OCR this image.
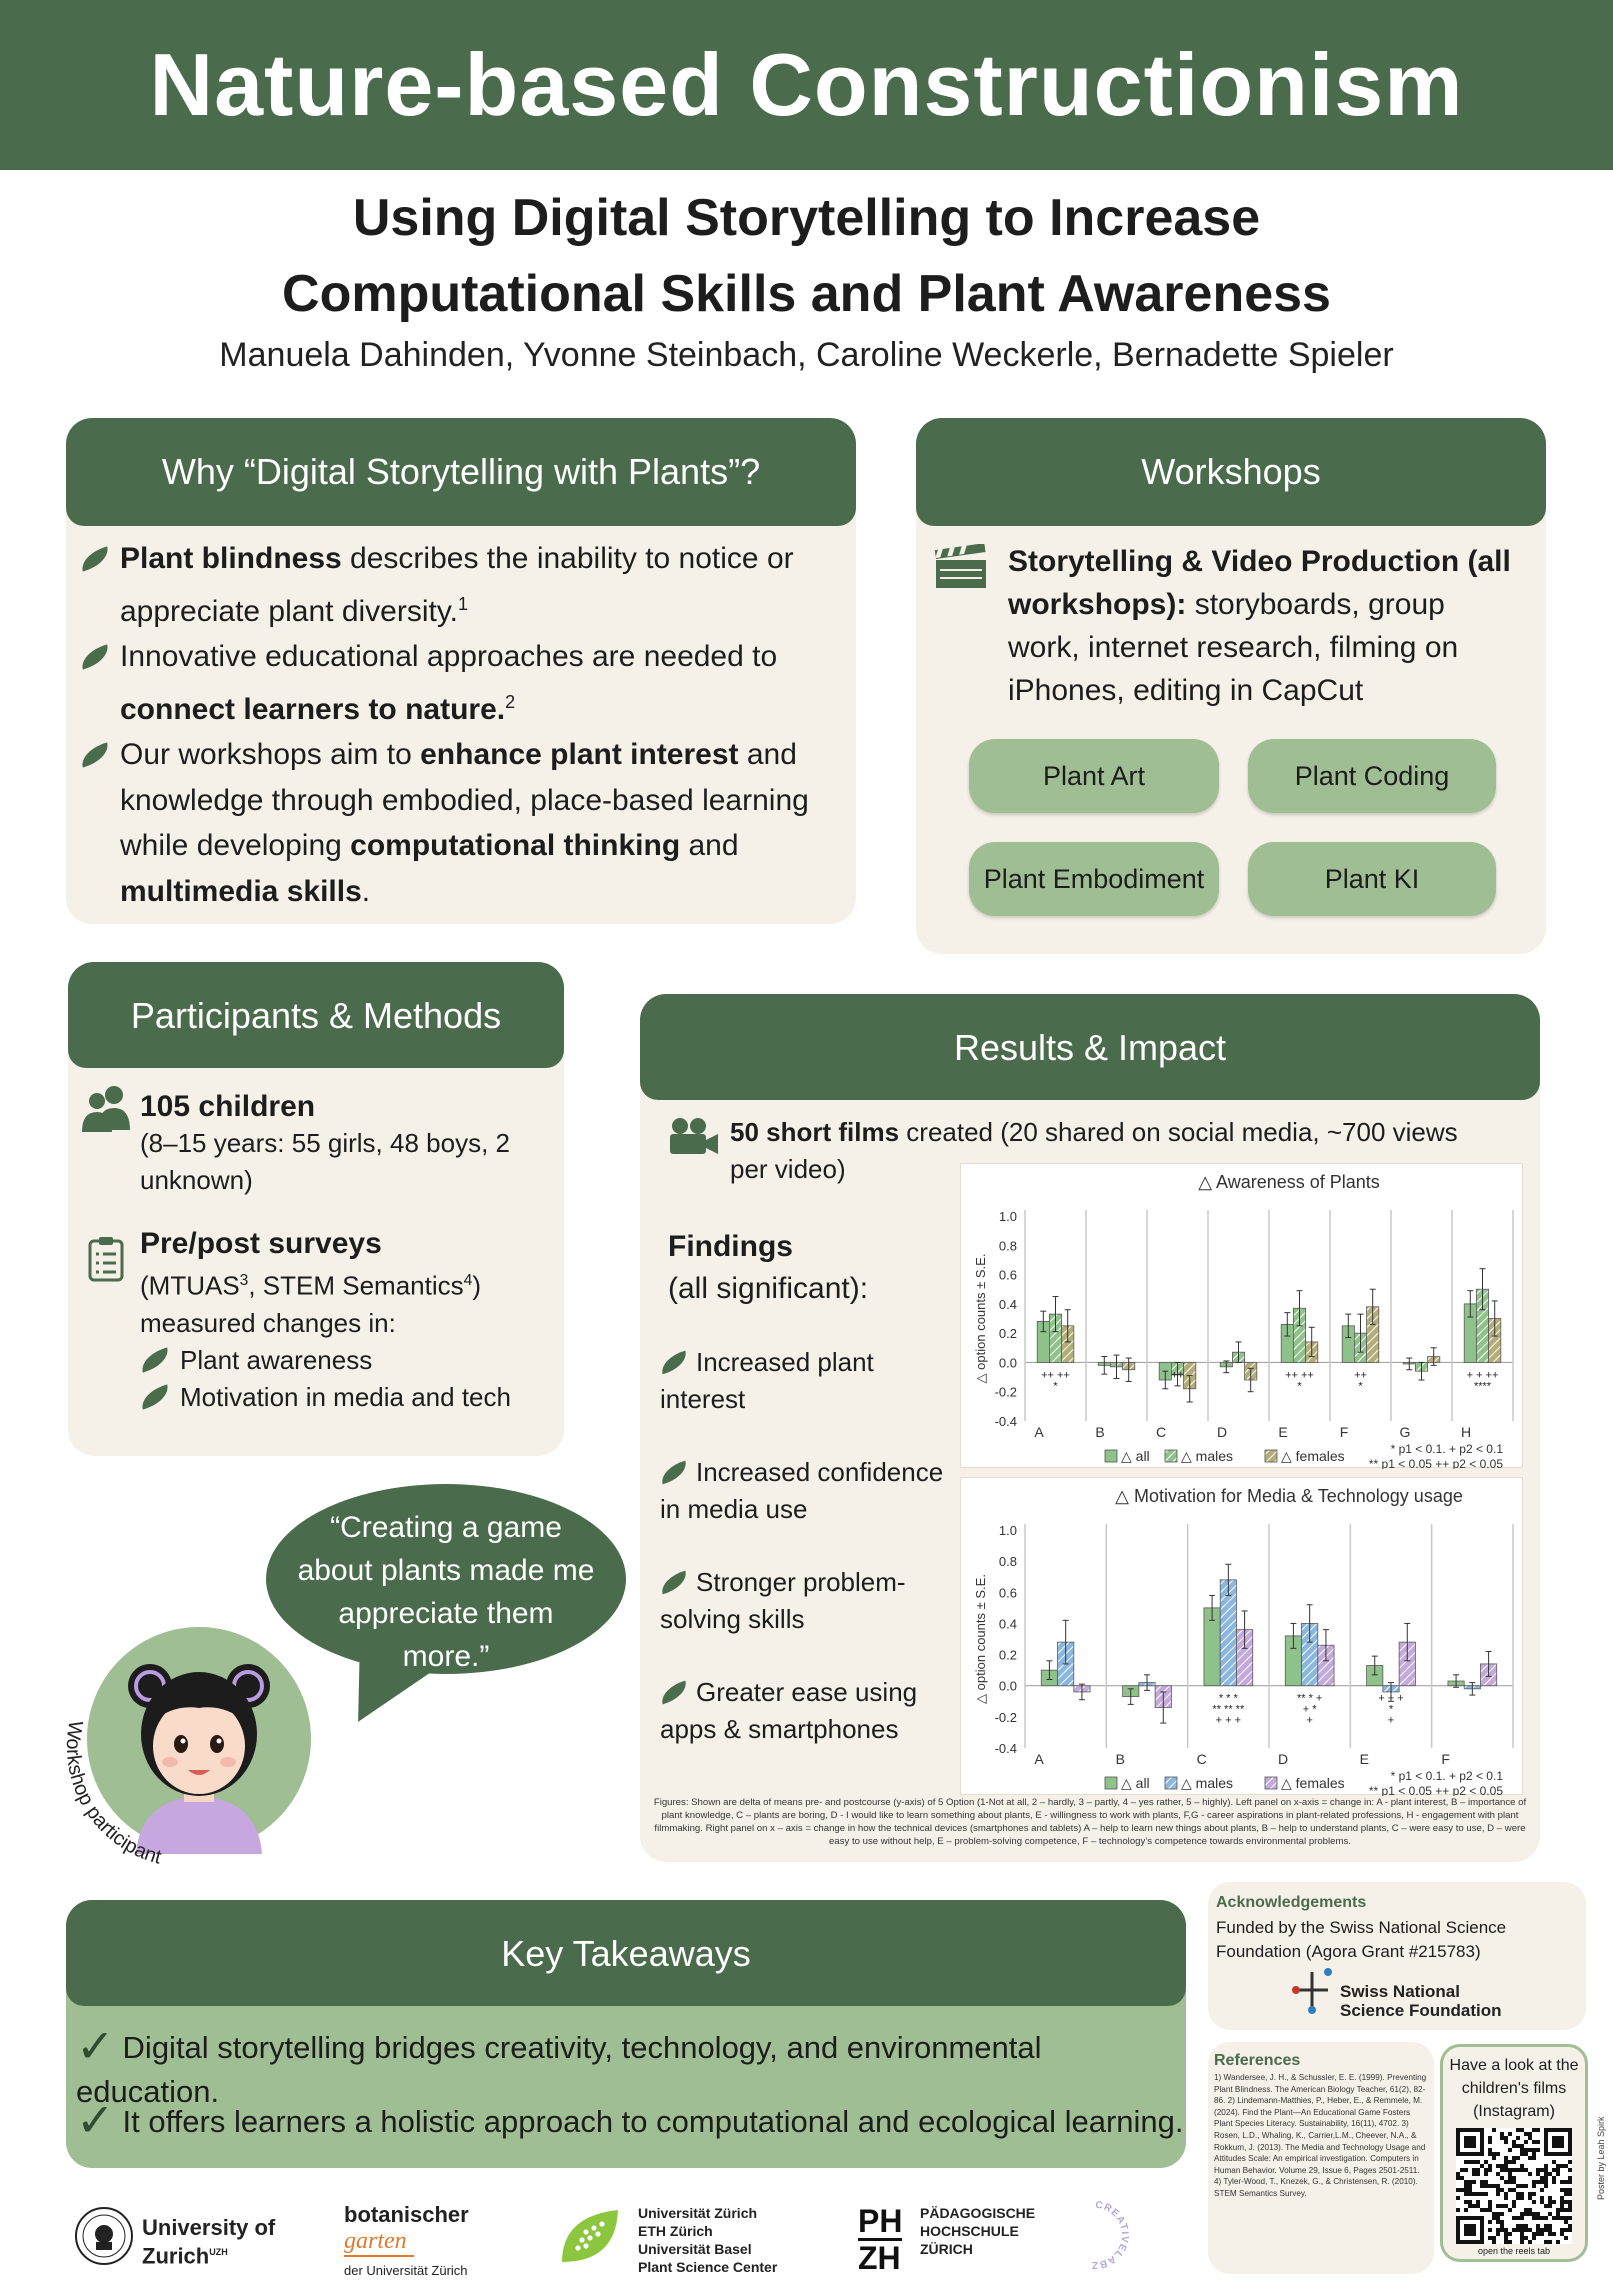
Nature-based Constructionism
Using Digital Storytelling to Increase
Computational Skills and Plant Awareness
Manuela Dahinden, Yvonne Steinbach, Caroline Weckerle, Bernadette Spieler
Why “Digital Storytelling with Plants”?
Plant blindness describes the inability to notice or appreciate plant diversity.$^1$
Innovative educational approaches are needed to connect learners to nature.$^2$
Our workshops aim to enhance plant interest and knowledge through embodied, place-based learning while developing computational thinking and multimedia skills.
Workshops
Storytelling & Video Production (all workshops): storyboards, group work, internet research, filming on iPhones, editing in CapCut
Plant Art	Plant Coding
Plant Embodiment	Plant KI
Participants & Methods
105 children
(8–15 years: 55 girls, 48 boys, 2 unknown)
Pre/post surveys
(MTUAS$^3$, STEM Semantics$^4$)
measured changes in:
Plant awareness
Motivation in media and tech
“Creating a game about plants made me appreciate them more.”
Workshop participant
Results & Impact
50 short films created (20 shared on social media, ~700 views per video)
Findings
(all significant):
Increased plant interest
Increased confidence in media use
Stronger problem-solving skills
Greater ease using apps & smartphones
△ Awareness of Plants
1.0
0.8
0.6
0.4
0.2
0.0
-0.2
-0.4
△ option counts ± S.E.
A
++ ++
*
B	C
++
D	E
++ ++
*
F
++
*
G	H
+ + ++
****
△ all △ males	△ females	* p1 < 0.1. + p2 < 0.1
** p1 < 0.05 ++ p2 < 0.05
△ Motivation for Media & Technology usage
1.0
0.8
0.6
0.4
0.2
0.0
-0.2
-0.4
△ option counts ± S.E.
A	B	C
* * *
** ** **
+ + +
D
** * +
+ *
+
E
+ + +
*
+
F
△ all △ males	△ females	* p1 < 0.1. + p2 < 0.1
** p1 < 0.05 ++ p2 < 0.05
Figures: Shown are delta of means pre- and postcourse (y-axis) of 5 Option (1-Not at all, 2 – hardly, 3 – partly, 4 – yes rather, 5 – highly). Left panel on x-axis = change in: A - plant interest, B – importance of plant knowledge, C – plants are boring, D - I would like to learn something about plants, E - willingness to work with plants, F,G - career aspirations in plant-related professions, H - engagement with plant filmmaking. Right panel on x – axis = change in how the technical devices (smartphones and tablets) A – help to learn new things about plants, B – help to understand plants, C – were easy to use, D – were easy to use without help, E – problem-solving competence, F – technology’s competence towards environmental problems.
Key Takeaways
✓ Digital storytelling bridges creativity, technology, and environmental education.
✓ It offers learners a holistic approach to computational and ecological learning.
Acknowledgements
Funded by the Swiss National Science Foundation (Agora Grant #215783)
Swiss National
Science Foundation
References
1) Wandersee, J. H., & Schussler, E. E. (1999). Preventing Plant Blindness. The American Biology Teacher, 61(2), 82-86. 2) Lindemann-Matthies, P., Heber, E., & Remmele, M. (2024). Find the Plant—An Educational Game Fosters Plant Species Literacy. Sustainability, 16(11), 4702. 3) Rosen, L.D., Whaling, K., Carrier,L.M., Cheever, N.A., & Rokkum, J. (2013). The Media and Technology Usage and Attitudes Scale: An empirical investigation. Computers in Human Behavior. Volume 29, Issue 6, Pages 2501-2511. 4) Tyler-Wood, T., Knezek, G., & Christensen, R. (2010). STEM Semantics Survey.
Have a look at the children's films (Instagram)
open the reels tab
Poster by Leah Spirk
University of
Zurich$^{UZH}$
botanischer
garten
der Universität Zürich
Universität Zürich
ETH Zürich
Universität Basel
Plant Science Center
PH
ZH
PÄDAGOGISCHE
HOCHSCHULE
ZÜRICH
CREATIVELABZ
